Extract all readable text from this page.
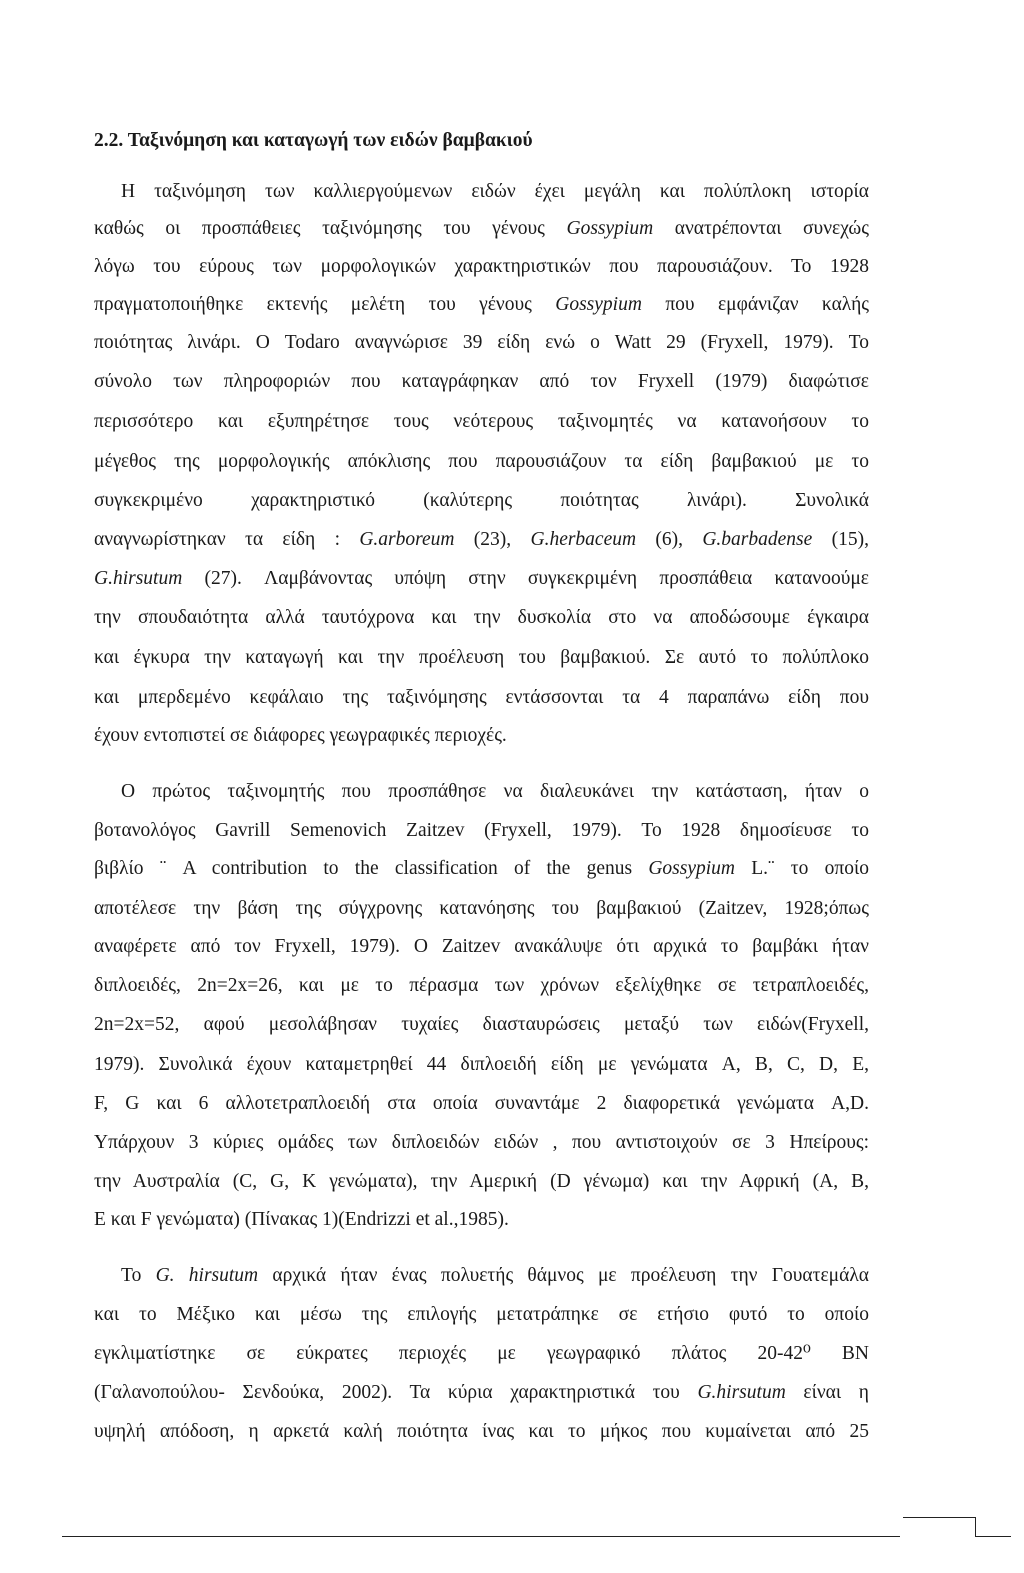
2.2. Ταξινόμηση και καταγωγή των ειδών βαμβακιού
Η ταξινόμηση των καλλιεργούμενων ειδών έχει μεγάλη και πολύπλοκη ιστορία
καθώς οι προσπάθειες ταξινόμησης του γένους Gossypium ανατρέπονται συνεχώς
λόγω του εύρους των μορφολογικών χαρακτηριστικών που παρουσιάζουν. Το 1928
πραγματοποιήθηκε εκτενής μελέτη του γένους Gossypium που εμφάνιζαν καλής
ποιότητας λινάρι. Ο Todaro αναγνώρισε 39 είδη ενώ ο Watt 29 (Fryxell, 1979). Το
σύνολο των πληροφοριών που καταγράφηκαν από τον Fryxell (1979) διαφώτισε
περισσότερο και εξυπηρέτησε τους νεότερους ταξινομητές να κατανοήσουν το
μέγεθος της μορφολογικής απόκλισης που παρουσιάζουν τα είδη βαμβακιού με το
συγκεκριμένο χαρακτηριστικό (καλύτερης ποιότητας λινάρι). Συνολικά
αναγνωρίστηκαν τα είδη : G.arboreum (23), G.herbaceum (6), G.barbadense (15),
G.hirsutum (27). Λαμβάνοντας υπόψη στην συγκεκριμένη προσπάθεια κατανοούμε
την σπουδαιότητα αλλά ταυτόχρονα και την δυσκολία στο να αποδώσουμε έγκαιρα
και έγκυρα την καταγωγή και την προέλευση του βαμβακιού. Σε αυτό το πολύπλοκο
και μπερδεμένο κεφάλαιο της ταξινόμησης εντάσσονται τα 4 παραπάνω είδη που
έχουν εντοπιστεί σε διάφορες γεωγραφικές περιοχές.
Ο πρώτος ταξινομητής που προσπάθησε να διαλευκάνει την κατάσταση, ήταν ο
βοτανολόγος Gavrill Semenovich Zaitzev (Fryxell, 1979). Το 1928 δημοσίευσε το
βιβλίο ¨ A contribution to the classification of the genus Gossypium L.¨ το οποίο
αποτέλεσε την βάση της σύγχρονης κατανόησης του βαμβακιού (Zaitzev, 1928;όπως
αναφέρετε από τον Fryxell, 1979). Ο Zaitzev ανακάλυψε ότι αρχικά το βαμβάκι ήταν
διπλοειδές, 2n=2x=26, και με το πέρασμα των χρόνων εξελίχθηκε σε τετραπλοειδές,
2n=2x=52, αφού μεσολάβησαν τυχαίες διασταυρώσεις μεταξύ των ειδών(Fryxell,
1979). Συνολικά έχουν καταμετρηθεί 44 διπλοειδή είδη με γενώματα A, B, C, D, E,
F, G και 6 αλλοτετραπλοειδή στα οποία συναντάμε 2 διαφορετικά γενώματα A,D.
Υπάρχουν 3 κύριες ομάδες των διπλοειδών ειδών , που αντιστοιχούν σε 3 Ηπείρους:
την Αυστραλία (C, G, K γενώματα), την Αμερική (D γένωμα) και την Αφρική (A, B,
E και F γενώματα) (Πίνακας 1)(Endrizzi et al.,1985).
Το G. hirsutum αρχικά ήταν ένας πολυετής θάμνος με προέλευση την Γουατεμάλα
και το Μέξικο και μέσω της επιλογής μετατράπηκε σε ετήσιο φυτό το οποίο
εγκλιματίστηκε σε εύκρατες περιοχές με γεωγραφικό πλάτος 20-42⁰ ΒΝ
(Γαλανοπούλου- Σενδούκα, 2002). Τα κύρια χαρακτηριστικά του G.hirsutum είναι η
υψηλή απόδοση, η αρκετά καλή ποιότητα ίνας και το μήκος που κυμαίνεται από 25
